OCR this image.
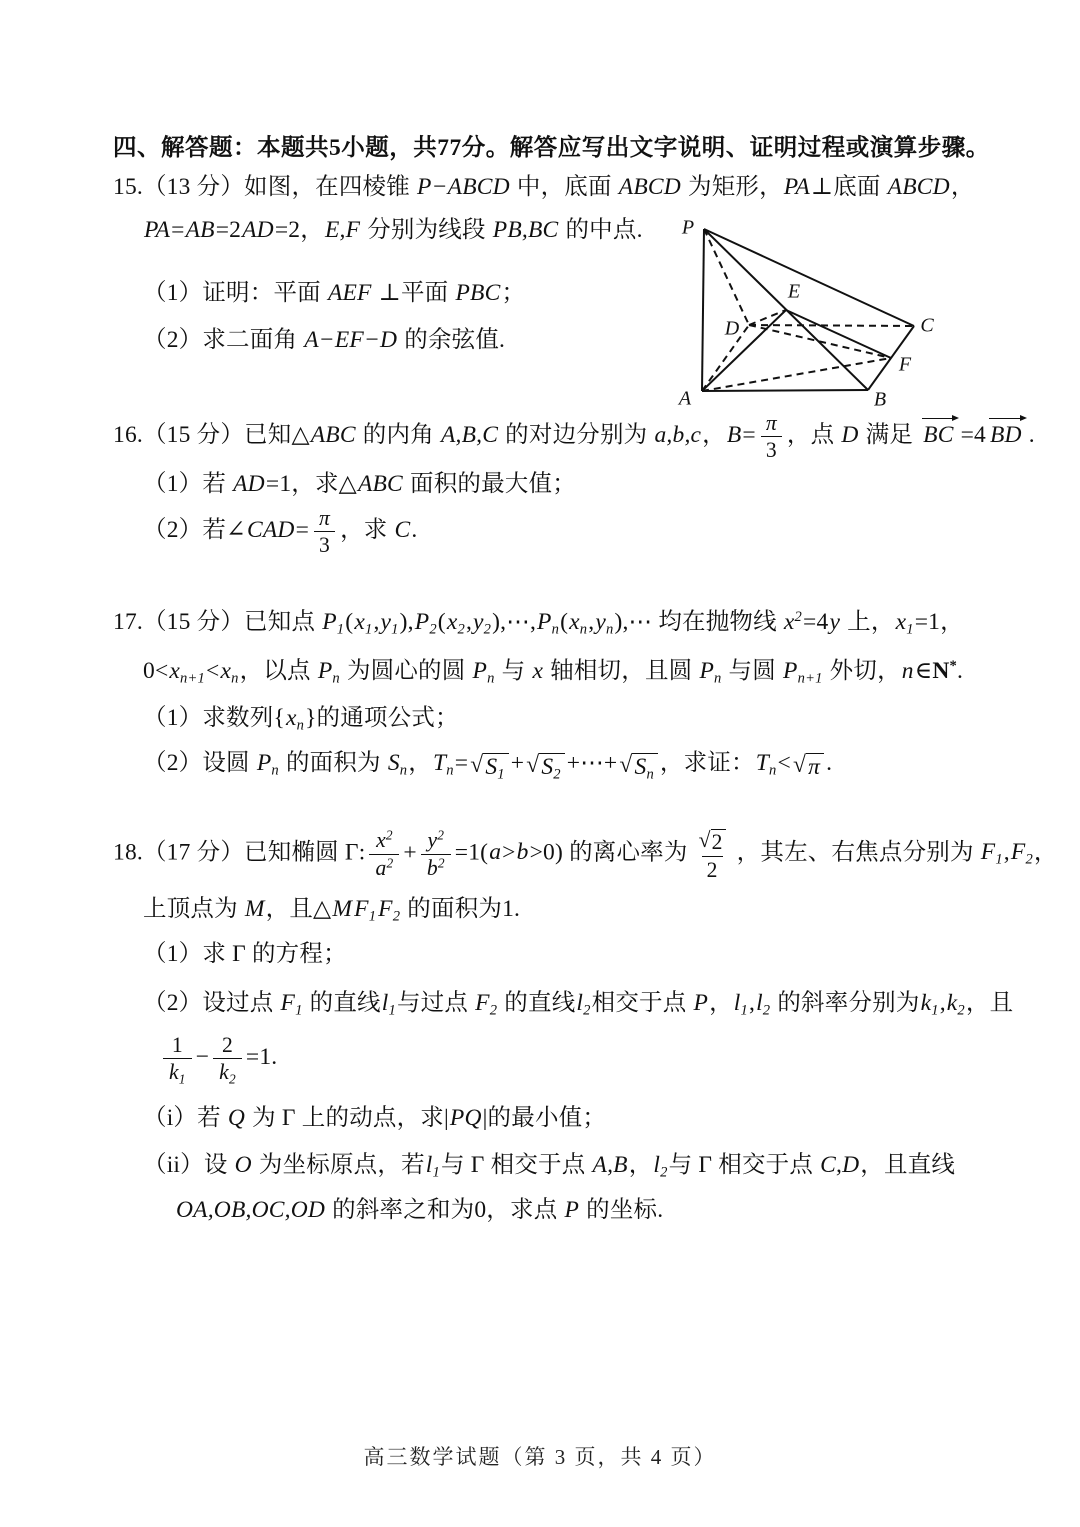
四、解答题：本题共5小题，共77分。解答应写出文字说明、证明过程或演算步骤。
15.（13 分）如图，在四棱锥 P−ABCD 中，底面 ABCD 为矩形，PA⊥底面 ABCD，
PA=AB=2AD=2，E,F 分别为线段 PB,BC 的中点.
（1）证明：平面 AEF ⊥平面 PBC；
（2）求二面角 A−EF−D 的余弦值.
16.（15 分）已知△ABC 的内角 A,B,C 的对边分别为 a,b,c，$B= \frac{\pi}{3}$ ，点 D 满足 BC =4 BD .
（1）若 AD=1，求△ABC 面积的最大值；
（2）若∠CAD= $\frac{\pi}{3}$ ，求 C.
17.（15 分）已知点 $P_1(x_1,y_1),P_2(x_2,y_2),\cdots,P_n(x_n,y_n),\cdots$ 均在抛物线 $x^2=4y$ 上，$x_1=1$，
$0<x_{n+1}<x_n$，以点 $P_n$ 为圆心的圆 $P_n$ 与 x 轴相切，且圆 $P_n$ 与圆 $P_{n+1}$ 外切，n∈N*.
（1）求数列$\{x_n\}$的通项公式；
（2）设圆 $P_n$ 的面积为 $S_n$，$T_n=$ √ $S_1$ + √ $S_2$ +⋯+ √ $S_n$ ，求证：$T_n<$ √ π .
18.（17 分）已知椭圆 Γ: $\frac{x^2}{a^2} + \frac{y^2}{b^2} =1(a>b>0)$ 的离心率为 $\frac{√ 2}{2}$ ，其左、右焦点分别为 $F_1,F_2$，
上顶点为 M，且$\triangle MF_1F_2$ 的面积为1.
（1）求 Γ 的方程；
（2）设过点 $F_1$ 的直线$l_1$与过点 $F_2$ 的直线$l_2$相交于点 P，$l_1,l_2$ 的斜率分别为$k_1,k_2$，且
$\frac{1}{k_1} - \frac{2}{k_2} =1$.
（i）若 Q 为 Γ 上的动点，求|PQ|的最小值；
（ii）设 O 为坐标原点，若$l_1$与 Γ 相交于点 A,B，$l_2$与 Γ 相交于点 C,D，且直线
OA,OB,OC,OD 的斜率之和为0，求点 P 的坐标.
P
A	B
C
D
E
F
高三数学试题（第 3 页，共 4 页）
